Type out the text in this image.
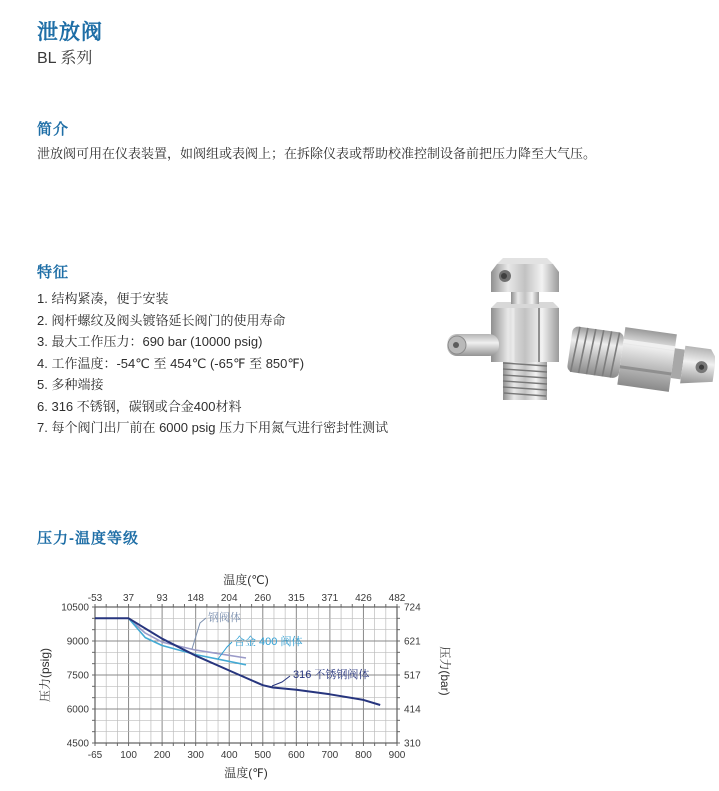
泄放阀
BL 系列
简介
泄放阀可用在仪表装置，如阀组或表阀上；在拆除仪表或帮助校准控制设备前把压力降至大气压。
特征
结构紧凑，便于安装
阀杆螺纹及阀头镀铬延长阀门的使用寿命
最大工作压力：690 bar (10000 psig)
工作温度：-54℃ 至 454℃ (-65℉ 至 850℉)
多种端接
316 不锈钢，碳钢或合金400材料
每个阀门出厂前在 6000 psig 压力下用氮气进行密封性测试
压力-温度等级
-53 37 93 148 204 260 315 371 426 482
-65 100 200 300 400 500 600 700 800 900
4500	310
6000	414
7500	517
9000	621
10500	724
温度(℃)
温度(℉)
压力(psig)	压力(bar)
钢阀体
合金 400 阀体
316 不锈钢阀体
